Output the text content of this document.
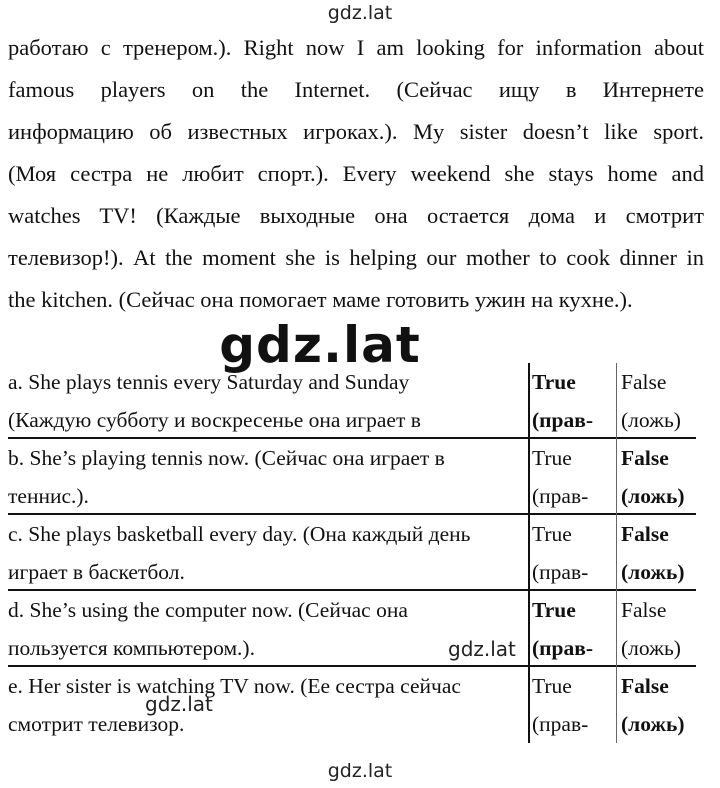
gdz.lat
работаю с тренером.). Right now I am looking for information about
famous players on the Internet. (Сейчас ищу в Интернете
информацию об известных игроках.). My sister doesn’t like sport.
(Моя сестра не любит спорт.). Every weekend she stays home and
watches TV! (Каждые выходные она остается дома и смотрит
телевизор!). At the moment she is helping our mother to cook dinner in
the kitchen. (Сейчас она помогает маме готовить ужин на кухне.).
gdz.lat
a. She plays tennis every Saturday and Sunday
(Каждую субботу и воскресенье она играет в
True
(прав-
False
(ложь)
b. She’s playing tennis now. (Сейчас она играет в
теннис.).
True
(прав-
False
(ложь)
c. She plays basketball every day. (Она каждый день
играет в баскетбол.
True
(прав-
False
(ложь)
d. She’s using the computer now. (Сейчас она
пользуется компьютером.).
True
(прав-
False
(ложь)
e. Her sister is watching TV now. (Ее сестра сейчас
смотрит телевизор.
True
(прав-
False
(ложь)
gdz.lat
gdz.lat
gdz.lat
